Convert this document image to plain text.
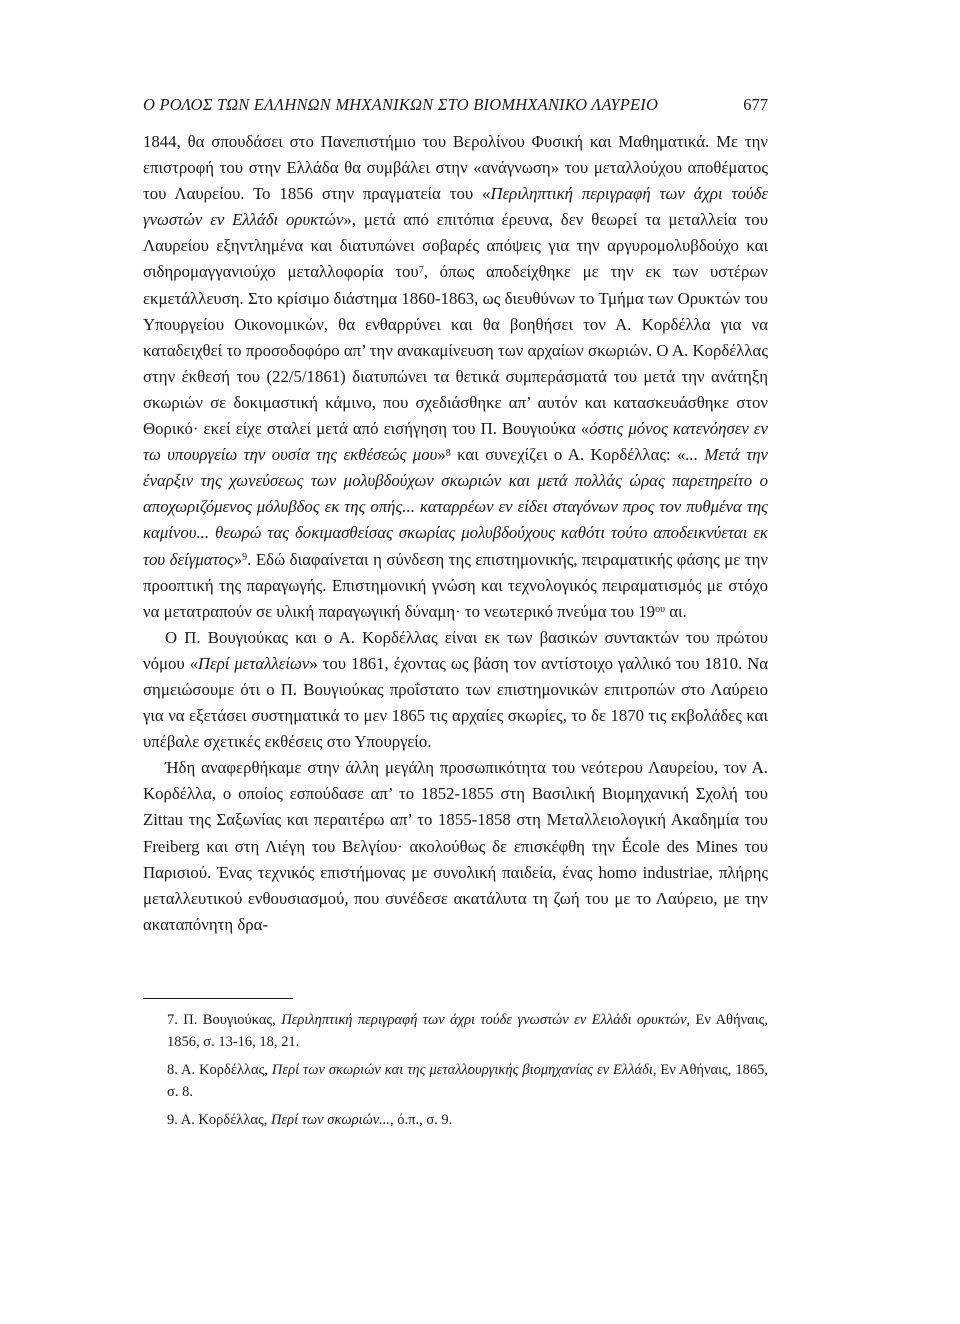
Ο ΡΟΛΟΣ ΤΩΝ ΕΛΛΗΝΩΝ ΜΗΧΑΝΙΚΩΝ ΣΤΟ ΒΙΟΜΗΧΑΝΙΚΟ ΛΑΥΡΕΙΟ	677

1844, θα σπουδάσει στο Πανεπιστήμιο του Βερολίνου Φυσική και Μαθηματικά. Με την επιστροφή του στην Ελλάδα θα συμβάλει στην «ανάγνωση» του μεταλλούχου αποθέματος του Λαυρείου. Το 1856 στην πραγματεία του «Περιληπτική περιγραφή των άχρι τούδε γνωστών εν Ελλάδι ορυκτών», μετά από επιτόπια έρευνα, δεν θεωρεί τα μεταλλεία του Λαυρείου εξηντλημένα και διατυπώνει σοβαρές απόψεις για την αργυρομολυβδούχο και σιδηρομαγγανιούχο μεταλλοφορία του$^7$, όπως αποδείχθηκε με την εκ των υστέρων εκμετάλλευση. Στο κρίσιμο διάστημα 1860-1863, ως διευθύνων το Τμήμα των Ορυκτών του Υπουργείου Οικονομικών, θα ενθαρρύνει και θα βοηθήσει τον Α. Κορδέλλα για να καταδειχθεί το προσοδοφόρο απ’ την ανακαμίνευση των αρχαίων σκωριών. Ο Α. Κορδέλλας στην έκθεσή του (22/5/1861) διατυπώνει τα θετικά συμπεράσματά του μετά την ανάτηξη σκωριών σε δοκιμαστική κάμινο, που σχεδιάσθηκε απ’ αυτόν και κατασκευάσθηκε στον Θορικό· εκεί είχε σταλεί μετά από εισήγηση του Π. Βουγιούκα «όστις μόνος κατενόησεν εν τω υπουργείω την ουσία της εκθέσεώς μου»$^8$ και συνεχίζει ο Α. Κορδέλλας: «... Μετά την έναρξιν της χωνεύσεως των μολυβδούχων σκωριών και μετά πολλάς ώρας παρετηρείτο ο αποχωριζόμενος μόλυβδος εκ της οπής... καταρρέων εν είδει σταγόνων προς τον πυθμένα της καμίνου... θεωρώ τας δοκιμασθείσας σκωρίας μολυβδούχους καθότι τούτο αποδεικνύεται εκ του δείγματος»$^9$. Εδώ διαφαίνεται η σύνδεση της επιστημονικής, πειραματικής φάσης με την προοπτική της παραγωγής. Επιστημονική γνώση και τεχνολογικός πειραματισμός με στόχο να μετατραπούν σε υλική παραγωγική δύναμη· το νεωτερικό πνεύμα του $19^{o\upsilon}$ αι.

Ο Π. Βουγιούκας και ο Α. Κορδέλλας είναι εκ των βασικών συντακτών του πρώτου νόμου «Περί μεταλλείων» του 1861, έχοντας ως βάση τον αντίστοιχο γαλλικό του 1810. Να σημειώσουμε ότι ο Π. Βουγιούκας προΐστατο των επιστημονικών επιτροπών στο Λαύρειο για να εξετάσει συστηματικά το μεν 1865 τις αρχαίες σκωρίες, το δε 1870 τις εκβολάδες και υπέβαλε σχετικές εκθέσεις στο Υπουργείο.

Ήδη αναφερθήκαμε στην άλλη μεγάλη προσωπικότητα του νεότερου Λαυρείου, τον Α. Κορδέλλα, ο οποίος εσπούδασε απ’ το 1852-1855 στη Βασιλική Βιομηχανική Σχολή του Zittau της Σαξωνίας και περαιτέρω απ’ το 1855-1858 στη Μεταλλειολογική Ακαδημία του Freiberg και στη Λιέγη του Βελγίου· ακολούθως δε επισκέφθη την École des Mines του Παρισιού. Ένας τεχνικός επιστήμονας με συνολική παιδεία, ένας homo industriae, πλήρης μεταλλευτικού ενθουσιασμού, που συνέδεσε ακατάλυτα τη ζωή του με το Λαύρειο, με την ακαταπόνητη δρα-

7. Π. Βουγιούκας, Περιληπτική περιγραφή των άχρι τούδε γνωστών εν Ελλάδι ορυκτών, Εν Αθήναις, 1856, σ. 13-16, 18, 21.

8. Α. Κορδέλλας, Περί των σκωριών και της μεταλλουργικής βιομηχανίας εν Ελλάδι, Εν Αθήναις, 1865, σ. 8.

9. Α. Κορδέλλας, Περί των σκωριών..., ό.π., σ. 9.
